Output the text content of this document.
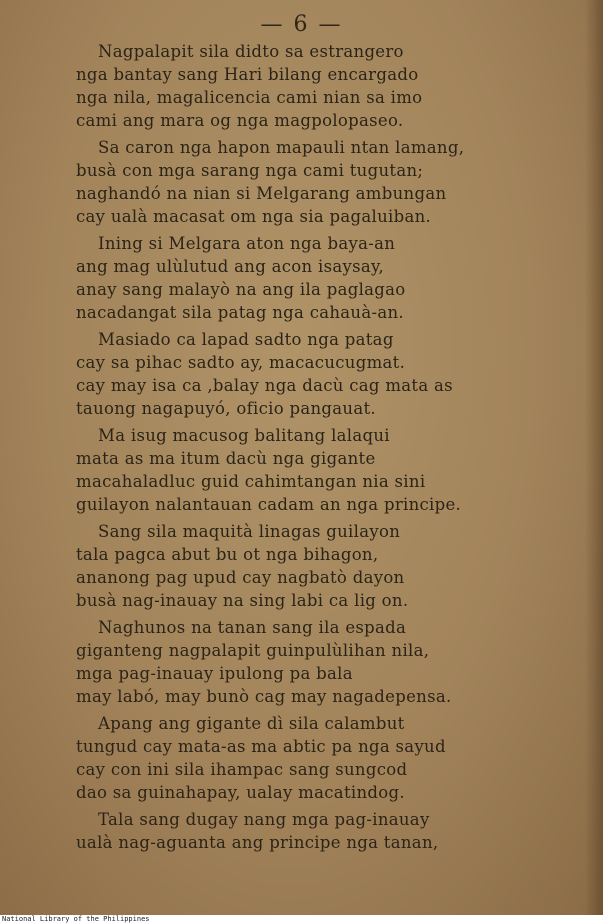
— 6 —
Nagpalapit sila didto sa estrangero
nga bantay sang Hari bilang encargado
nga nila, magalicencia cami nian sa imo
cami ang mara og nga magpolopaseo.
Sa caron nga hapon mapauli ntan lamang,
busà con mga sarang nga cami tugutan;
naghandó na nian si Melgarang ambungan
cay ualà macasat om nga sia pagaluiban.
Ining si Melgara aton nga baya-an
ang mag ulùlutud ang acon isaysay,
anay sang malayò na ang ila paglagao
nacadangat sila patag nga cahauà-an.
Masiado ca lapad sadto nga patag
cay sa pihac sadto ay, macacucugmat.
cay may isa ca ,balay nga dacù cag mata as
tauong nagapuyó, oficio pangauat.
Ma isug macusog balitang lalaqui
mata as ma itum dacù nga gigante
macahaladluc guid cahimtangan nia sini
guilayon nalantauan cadam an nga principe.
Sang sila maquità linagas guilayon
tala pagca abut bu ot nga bihagon,
ananong pag upud cay nagbatò dayon
busà nag-inauay na sing labi ca lig on.
Naghunos na tanan sang ila espada
giganteng nagpalapit guinpulùlihan nila,
mga pag-inauay ipulong pa bala
may labó, may bunò cag may nagadepensa.
Apang ang gigante dì sila calambut
tungud cay mata-as ma abtic pa nga sayud
cay con ini sila ihampac sang sungcod
dao sa guinahapay, ualay macatindog.
Tala sang dugay nang mga pag-inauay
ualà nag-aguanta ang principe nga tanan,
National Library of the Philippines
